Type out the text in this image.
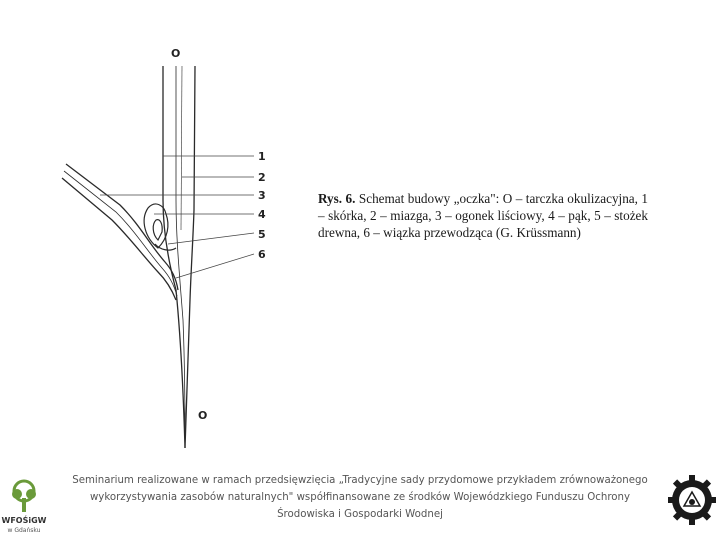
O
1
2
3
4
5
6
O
Rys. 6. Schemat budowy „oczka": O – tarczka okulizacyjna, 1 – skórka, 2 – miazga, 3 – ogonek liściowy, 4 – pąk, 5 – stożek drewna, 6 – wiązka przewodząca (G. Krüssmann)
WFOŚiGW
w Gdańsku
Seminarium realizowane w ramach przedsięwzięcia „Tradycyjne sady przydomowe przykładem zrównoważonego wykorzystywania zasobów naturalnych" współfinansowane ze środków Wojewódzkiego Funduszu Ochrony Środowiska i Gospodarki Wodnej
